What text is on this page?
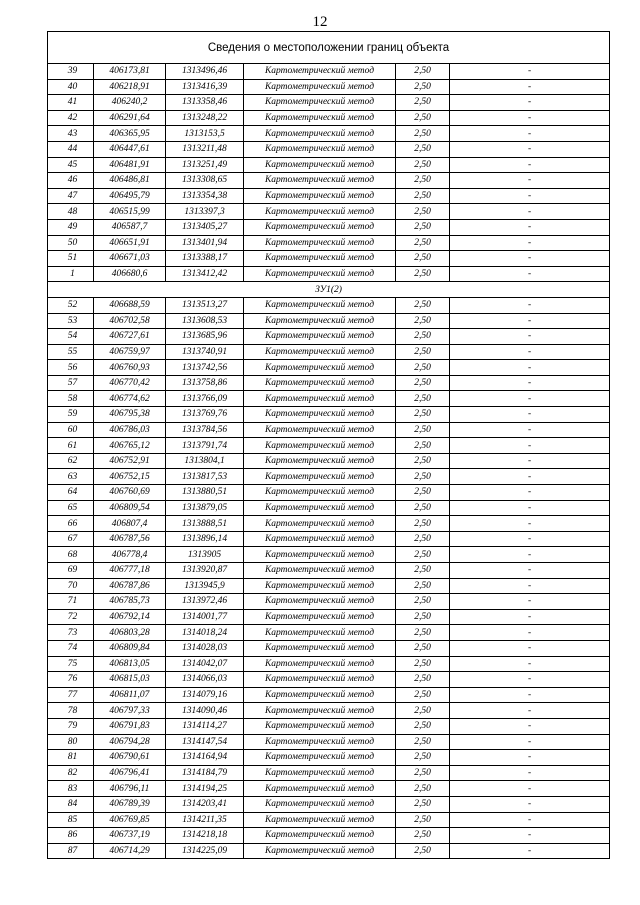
12
Сведения о местоположении границ объекта					
39	406173,81	1313496,46	Картометрический метод	2,50	-
40	406218,91	1313416,39	Картометрический метод	2,50	-
41	406240,2	1313358,46	Картометрический метод	2,50	-
42	406291,64	1313248,22	Картометрический метод	2,50	-
43	406365,95	1313153,5	Картометрический метод	2,50	-
44	406447,61	1313211,48	Картометрический метод	2,50	-
45	406481,91	1313251,49	Картометрический метод	2,50	-
46	406486,81	1313308,65	Картометрический метод	2,50	-
47	406495,79	1313354,38	Картометрический метод	2,50	-
48	406515,99	1313397,3	Картометрический метод	2,50	-
49	406587,7	1313405,27	Картометрический метод	2,50	-
50	406651,91	1313401,94	Картометрический метод	2,50	-
51	406671,03	1313388,17	Картометрический метод	2,50	-
1	406680,6	1313412,42	Картометрический метод	2,50	-
ЗУ1(2)					
52	406688,59	1313513,27	Картометрический метод	2,50	-
53	406702,58	1313608,53	Картометрический метод	2,50	-
54	406727,61	1313685,96	Картометрический метод	2,50	-
55	406759,97	1313740,91	Картометрический метод	2,50	-
56	406760,93	1313742,56	Картометрический метод	2,50	-
57	406770,42	1313758,86	Картометрический метод	2,50	-
58	406774,62	1313766,09	Картометрический метод	2,50	-
59	406795,38	1313769,76	Картометрический метод	2,50	-
60	406786,03	1313784,56	Картометрический метод	2,50	-
61	406765,12	1313791,74	Картометрический метод	2,50	-
62	406752,91	1313804,1	Картометрический метод	2,50	-
63	406752,15	1313817,53	Картометрический метод	2,50	-
64	406760,69	1313880,51	Картометрический метод	2,50	-
65	406809,54	1313879,05	Картометрический метод	2,50	-
66	406807,4	1313888,51	Картометрический метод	2,50	-
67	406787,56	1313896,14	Картометрический метод	2,50	-
68	406778,4	1313905	Картометрический метод	2,50	-
69	406777,18	1313920,87	Картометрический метод	2,50	-
70	406787,86	1313945,9	Картометрический метод	2,50	-
71	406785,73	1313972,46	Картометрический метод	2,50	-
72	406792,14	1314001,77	Картометрический метод	2,50	-
73	406803,28	1314018,24	Картометрический метод	2,50	-
74	406809,84	1314028,03	Картометрический метод	2,50	-
75	406813,05	1314042,07	Картометрический метод	2,50	-
76	406815,03	1314066,03	Картометрический метод	2,50	-
77	406811,07	1314079,16	Картометрический метод	2,50	-
78	406797,33	1314090,46	Картометрический метод	2,50	-
79	406791,83	1314114,27	Картометрический метод	2,50	-
80	406794,28	1314147,54	Картометрический метод	2,50	-
81	406790,61	1314164,94	Картометрический метод	2,50	-
82	406796,41	1314184,79	Картометрический метод	2,50	-
83	406796,11	1314194,25	Картометрический метод	2,50	-
84	406789,39	1314203,41	Картометрический метод	2,50	-
85	406769,85	1314211,35	Картометрический метод	2,50	-
86	406737,19	1314218,18	Картометрический метод	2,50	-
87	406714,29	1314225,09	Картометрический метод	2,50	-
